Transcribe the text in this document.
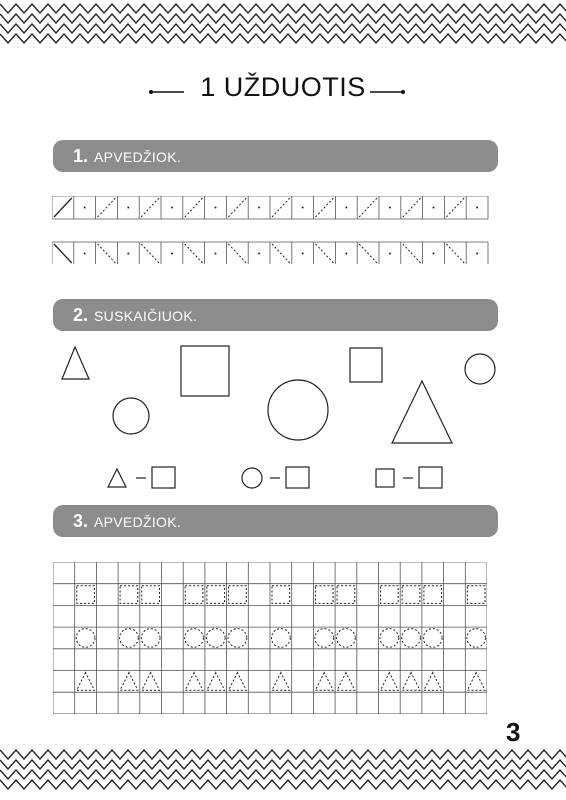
1 UŽDUOTIS
1. APVEDŽIOK.
2. SUSKAIČIUOK.
3. APVEDŽIOK.
3
